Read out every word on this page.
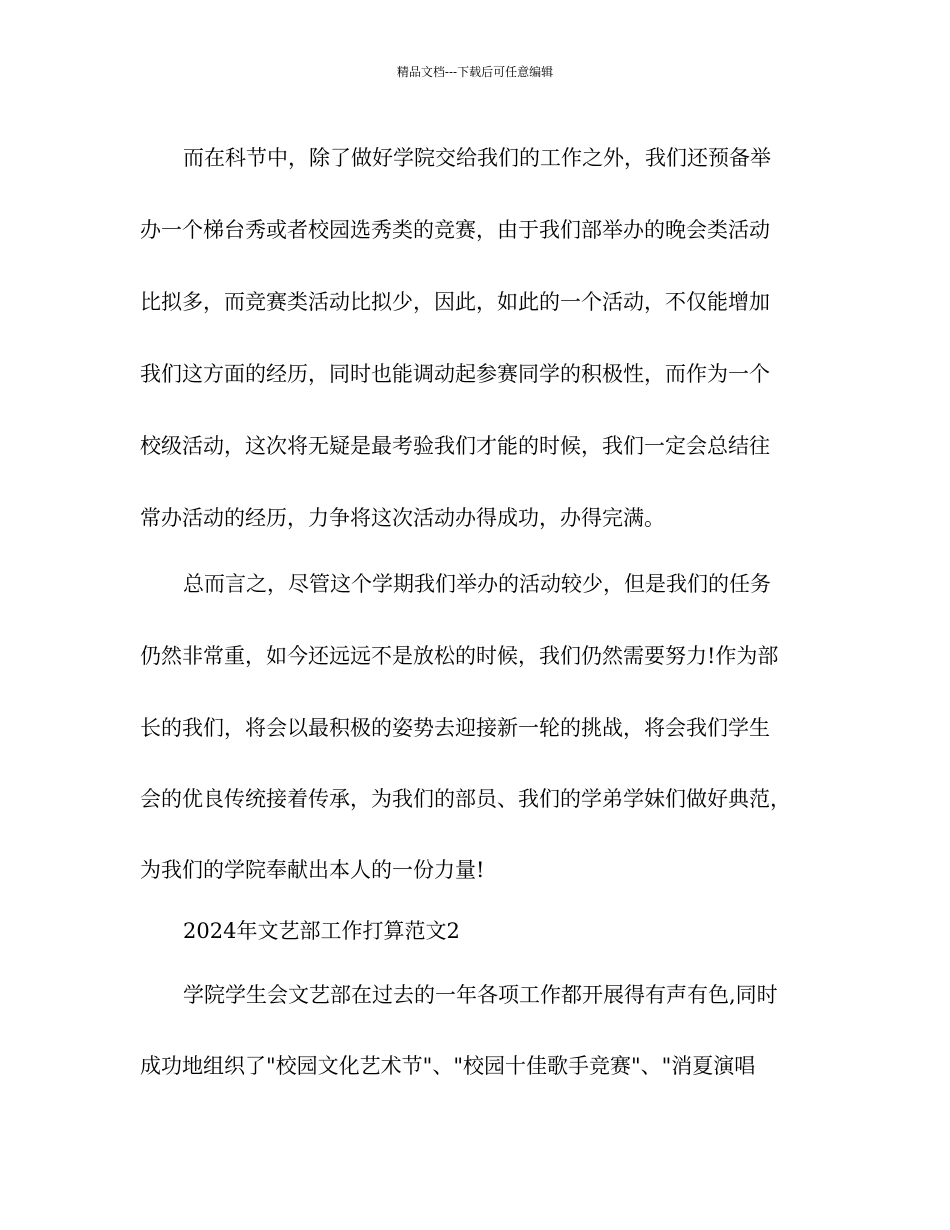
精品文档---下载后可任意编辑
而在科节中，除了做好学院交给我们的工作之外，我们还预备举
办一个梯台秀或者校园选秀类的竞赛，由于我们部举办的晚会类活动
比拟多，而竞赛类活动比拟少，因此，如此的一个活动，不仅能增加
我们这方面的经历，同时也能调动起参赛同学的积极性，而作为一个
校级活动，这次将无疑是最考验我们才能的时候，我们一定会总结往
常办活动的经历，力争将这次活动办得成功，办得完满。
总而言之，尽管这个学期我们举办的活动较少，但是我们的任务
仍然非常重，如今还远远不是放松的时候，我们仍然需要努力!作为部
长的我们，将会以最积极的姿势去迎接新一轮的挑战，将会我们学生
会的优良传统接着传承，为我们的部员、我们的学弟学妹们做好典范，
为我们的学院奉献出本人的一份力量!
2024年文艺部工作打算范文2
学院学生会文艺部在过去的一年各项工作都开展得有声有色,同时
成功地组织了"校园文化艺术节"、"校园十佳歌手竞赛"、"消夏演唱
